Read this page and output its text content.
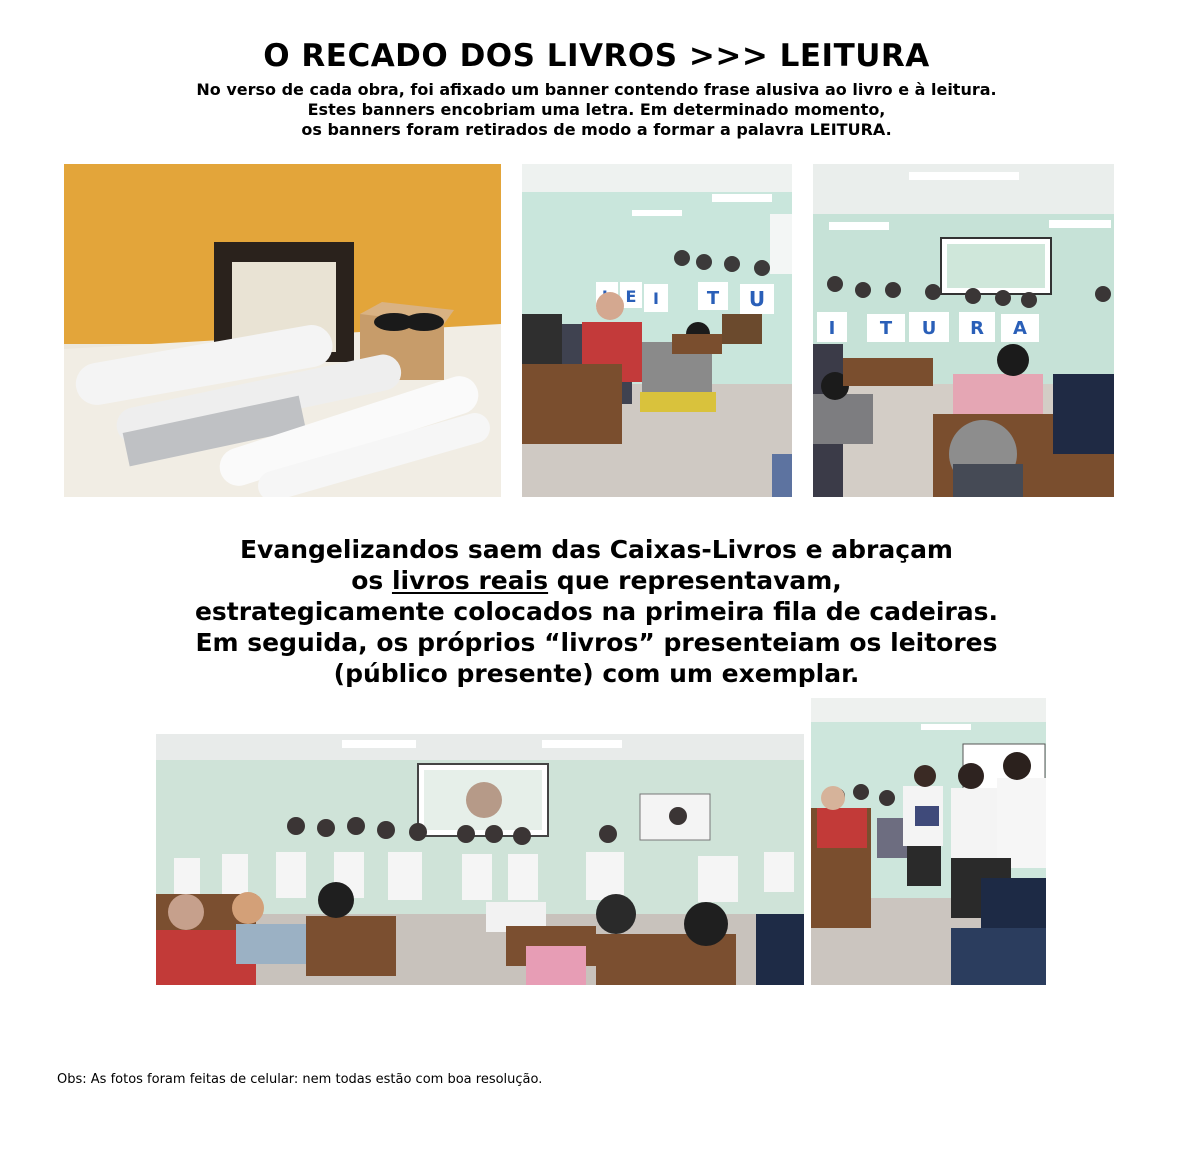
O RECADO DOS LIVROS >>> LEITURA
No verso de cada obra, foi afixado um banner contendo frase alusiva ao livro e à leitura.
Estes banners encobriam uma letra. Em determinado momento,
os banners foram retirados de modo a formar a palavra LEITURA.
E I	T U
I T U R A
Evangelizandos saem das Caixas-Livros e abraçam
os livros reais que representavam,
estrategicamente colocados na primeira fila de cadeiras.
Em seguida, os próprios “livros” presenteiam os leitores
(público presente) com um exemplar.
Obs: As fotos foram feitas de celular: nem todas estão com boa resolução.
